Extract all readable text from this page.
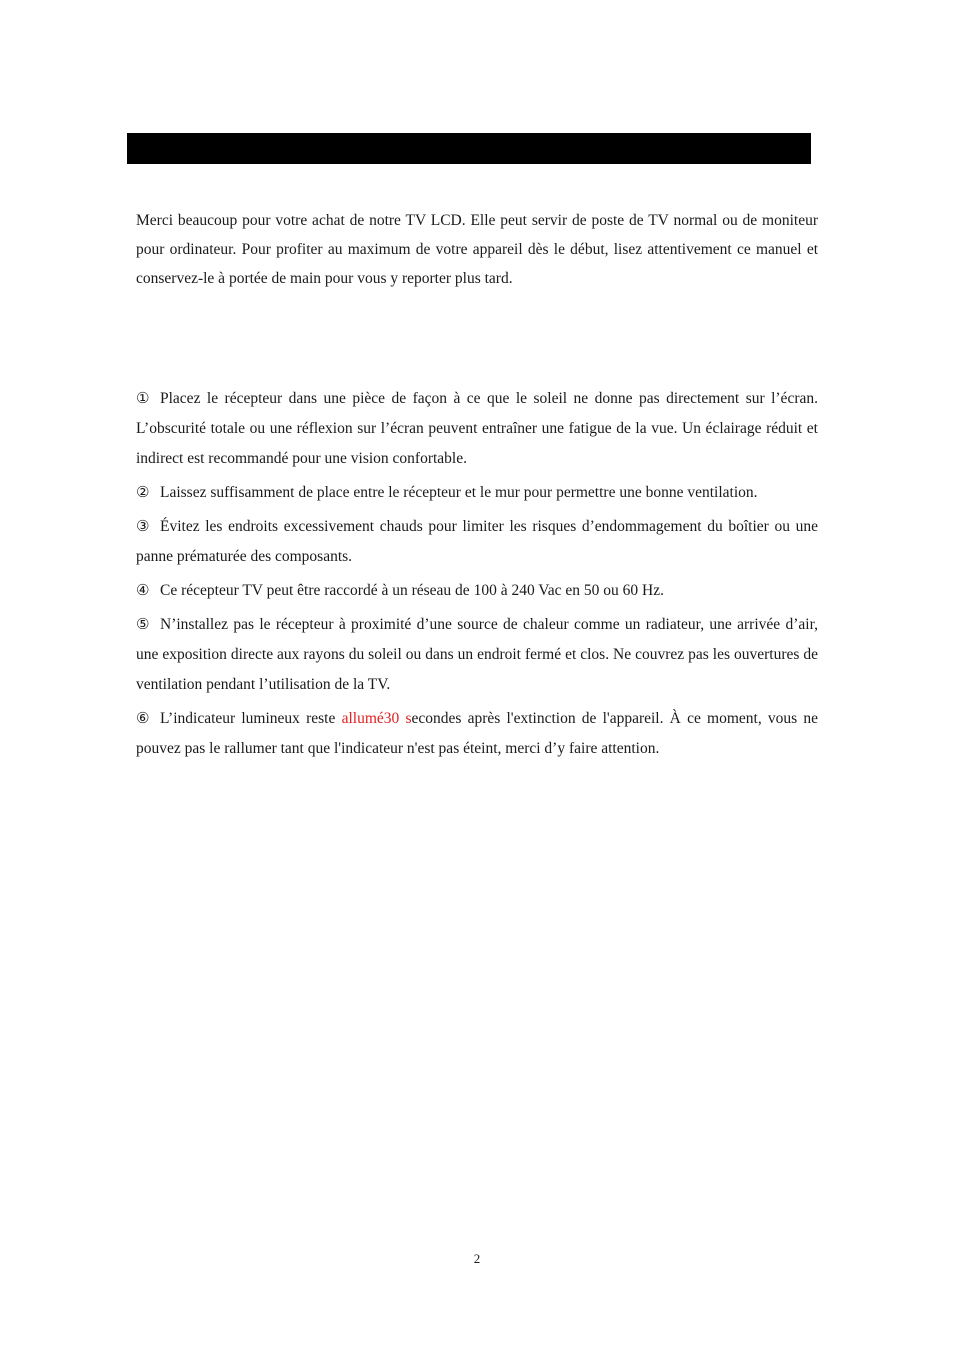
Merci beaucoup pour votre achat de notre TV LCD. Elle peut servir de poste de TV normal ou de moniteur pour ordinateur. Pour profiter au maximum de votre appareil dès le début, lisez attentivement ce manuel et conservez-le à portée de main pour vous y reporter plus tard.

① Placez le récepteur dans une pièce de façon à ce que le soleil ne donne pas directement sur l’écran. L’obscurité totale ou une réflexion sur l’écran peuvent entraîner une fatigue de la vue. Un éclairage réduit et indirect est recommandé pour une vision confortable.

② Laissez suffisamment de place entre le récepteur et le mur pour permettre une bonne ventilation.

③ Évitez les endroits excessivement chauds pour limiter les risques d’endommagement du boîtier ou une panne prématurée des composants.

④ Ce récepteur TV peut être raccordé à un réseau de 100 à 240 Vac en 50 ou 60 Hz.

⑤ N’installez pas le récepteur à proximité d’une source de chaleur comme un radiateur, une arrivée d’air, une exposition directe aux rayons du soleil ou dans un endroit fermé et clos. Ne couvrez pas les ouvertures de ventilation pendant l’utilisation de la TV.

⑥ L’indicateur lumineux reste allumé30 secondes après l'extinction de l'appareil. À ce moment, vous ne pouvez pas le rallumer tant que l'indicateur n'est pas éteint, merci d’y faire attention.

2
